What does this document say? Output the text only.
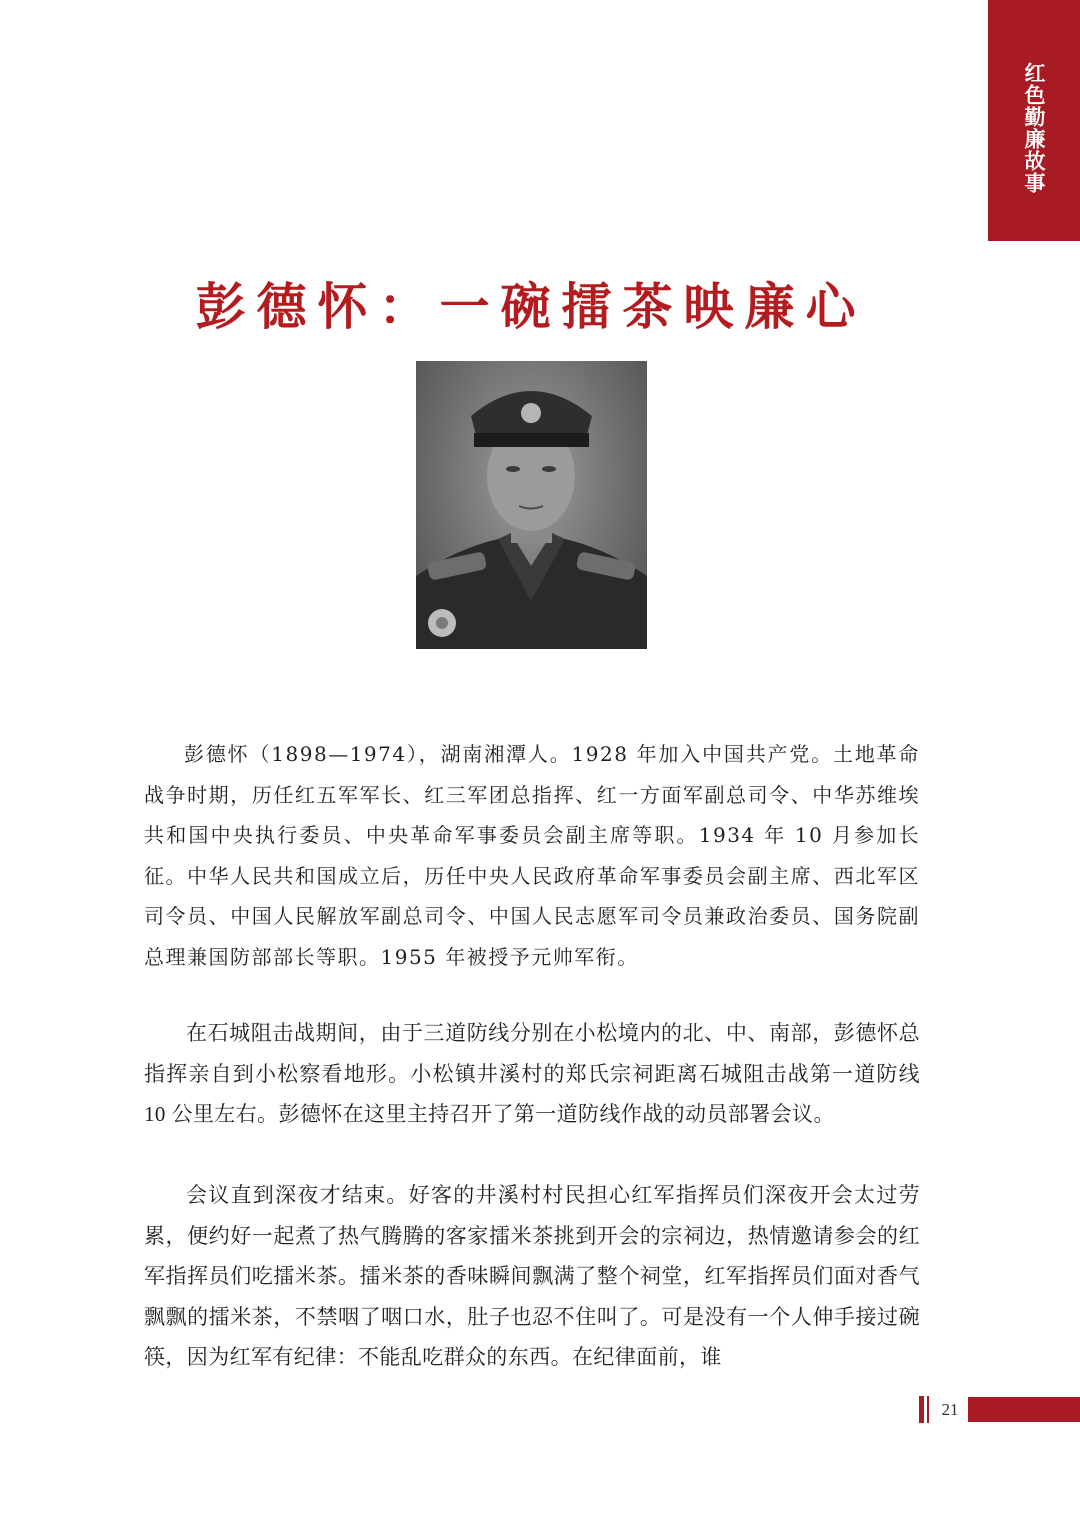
红色勤廉故事
彭德怀：一碗擂茶映廉心

彭德怀（1898—1974），湖南湘潭人。1928 年加入中国共产党。土地革命战争时期，历任红五军军长、红三军团总指挥、红一方面军副总司令、中华苏维埃共和国中央执行委员、中央革命军事委员会副主席等职。1934 年 10 月参加长征。中华人民共和国成立后，历任中央人民政府革命军事委员会副主席、西北军区司令员、中国人民解放军副总司令、中国人民志愿军司令员兼政治委员、国务院副总理兼国防部部长等职。1955 年被授予元帅军衔。

在石城阻击战期间，由于三道防线分别在小松境内的北、中、南部，彭德怀总指挥亲自到小松察看地形。小松镇井溪村的郑氏宗祠距离石城阻击战第一道防线 10 公里左右。彭德怀在这里主持召开了第一道防线作战的动员部署会议。

会议直到深夜才结束。好客的井溪村村民担心红军指挥员们深夜开会太过劳累，便约好一起煮了热气腾腾的客家擂米茶挑到开会的宗祠边，热情邀请参会的红军指挥员们吃擂米茶。擂米茶的香味瞬间飘满了整个祠堂，红军指挥员们面对香气飘飘的擂米茶，不禁咽了咽口水，肚子也忍不住叫了。可是没有一个人伸手接过碗筷，因为红军有纪律：不能乱吃群众的东西。在纪律面前，谁

21
